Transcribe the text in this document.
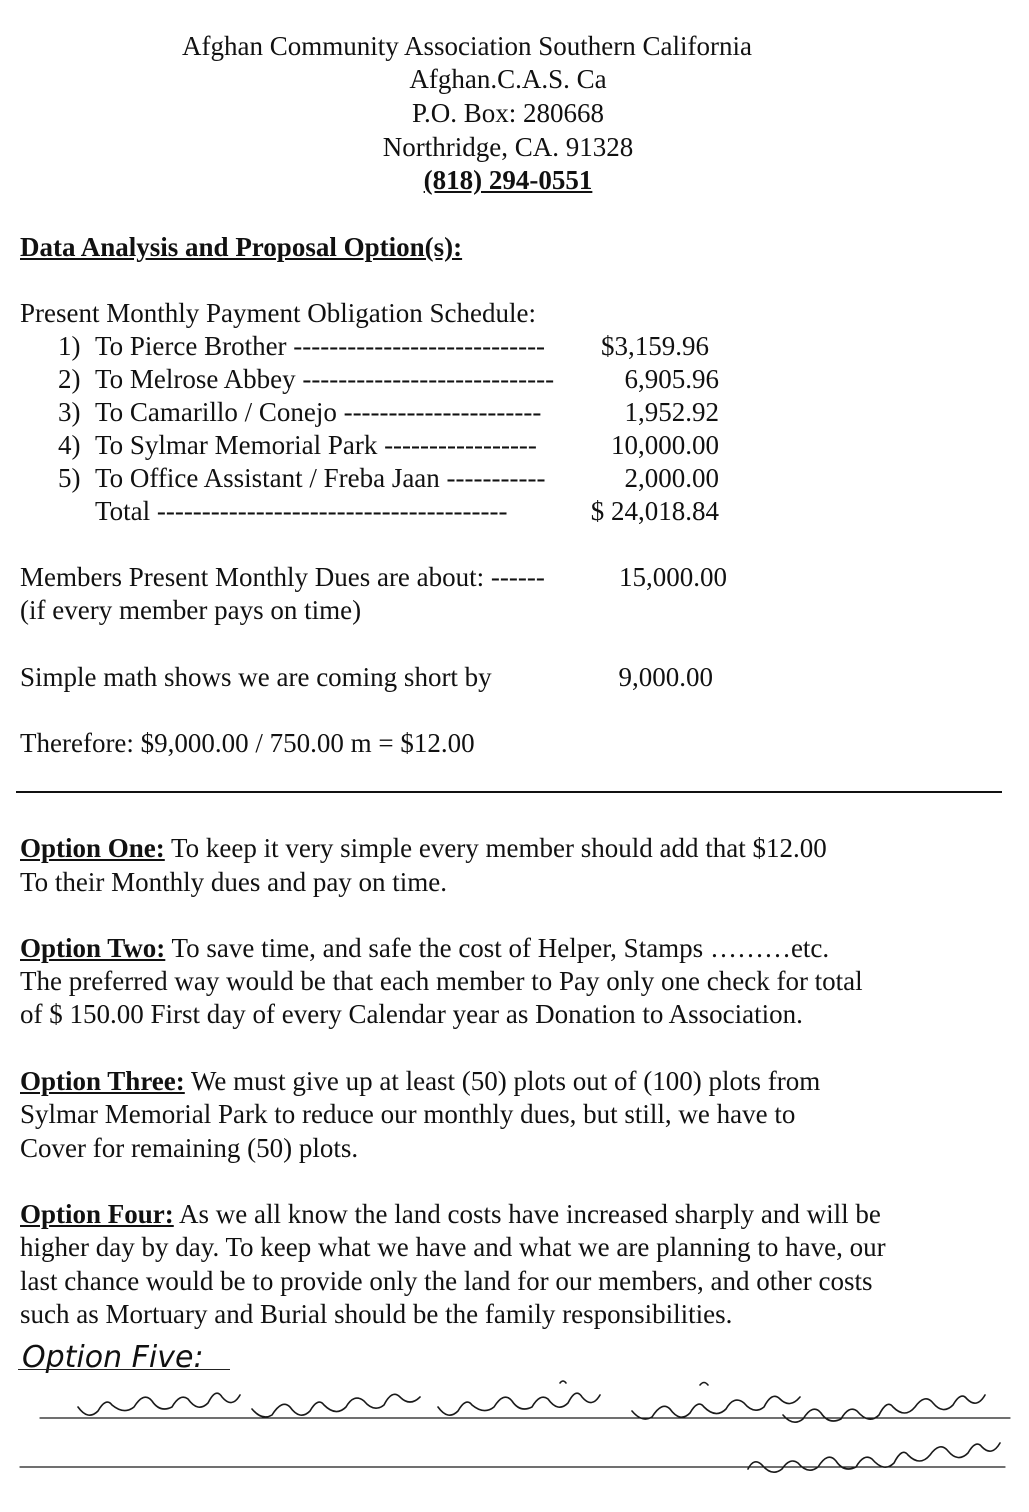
Afghan Community Association Southern California
Afghan.C.A.S. Ca
P.O. Box: 280668
Northridge, CA. 91328
(818) 294-0551
Data Analysis and Proposal Option(s):
Present Monthly Payment Obligation Schedule:
1) To Pierce Brother ---------------------------- $3,159.96
2) To Melrose Abbey ----------------------------	6,905.96
3) To Camarillo / Conejo ----------------------	1,952.92
4) To Sylmar Memorial Park -----------------	10,000.00
5) To Office Assistant / Freba Jaan -----------	2,000.00
Total ---------------------------------------	$ 24,018.84
Members Present Monthly Dues are about: ------	15,000.00
(if every member pays on time)
Simple math shows we are coming short by	9,000.00
Therefore: $9,000.00 / 750.00 m = $12.00
Option One: To keep it very simple every member should add that $12.00
To their Monthly dues and pay on time.
Option Two: To save time, and safe the cost of Helper, Stamps ………etc.
The preferred way would be that each member to Pay only one check for total
of $ 150.00 First day of every Calendar year as Donation to Association.
Option Three: We must give up at least (50) plots out of (100) plots from
Sylmar Memorial Park to reduce our monthly dues, but still, we have to
Cover for remaining (50) plots.
Option Four: As we all know the land costs have increased sharply and will be
higher day by day. To keep what we have and what we are planning to have, our
last chance would be to provide only the land for our members, and other costs
such as Mortuary and Burial should be the family responsibilities.
Option Five:
